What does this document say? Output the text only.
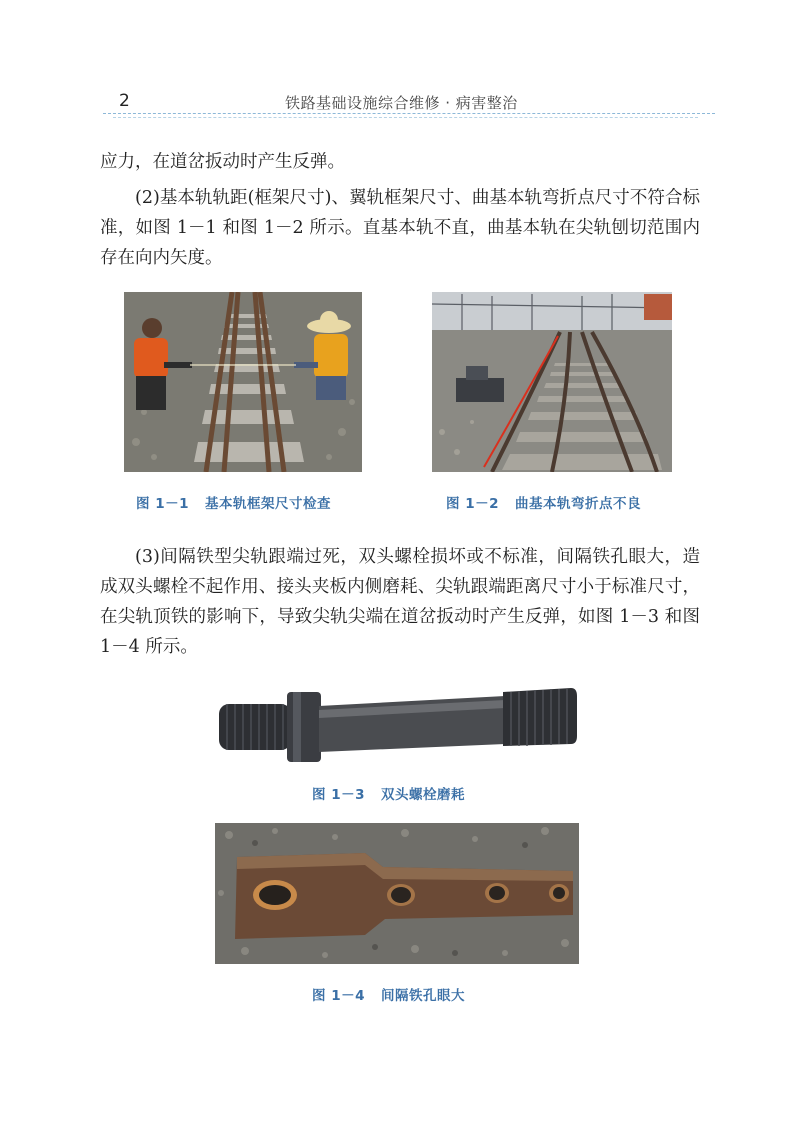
2	铁路基础设施综合维修 · 病害整治

应力，在道岔扳动时产生反弹。

(2)基本轨轨距(框架尺寸)、翼轨框架尺寸、曲基本轨弯折点尺寸不符合标准，如图 1－1 和图 1－2 所示。直基本轨不直，曲基本轨在尖轨刨切范围内存在向内矢度。

图 1－1 基本轨框架尺寸检查	图 1－2 曲基本轨弯折点不良

(3)间隔铁型尖轨跟端过死，双头螺栓损坏或不标准，间隔铁孔眼大，造成双头螺栓不起作用、接头夹板内侧磨耗、尖轨跟端距离尺寸小于标准尺寸，在尖轨顶铁的影响下，导致尖轨尖端在道岔扳动时产生反弹，如图 1－3 和图 1－4 所示。

图 1－3 双头螺栓磨耗
图 1－4 间隔铁孔眼大
